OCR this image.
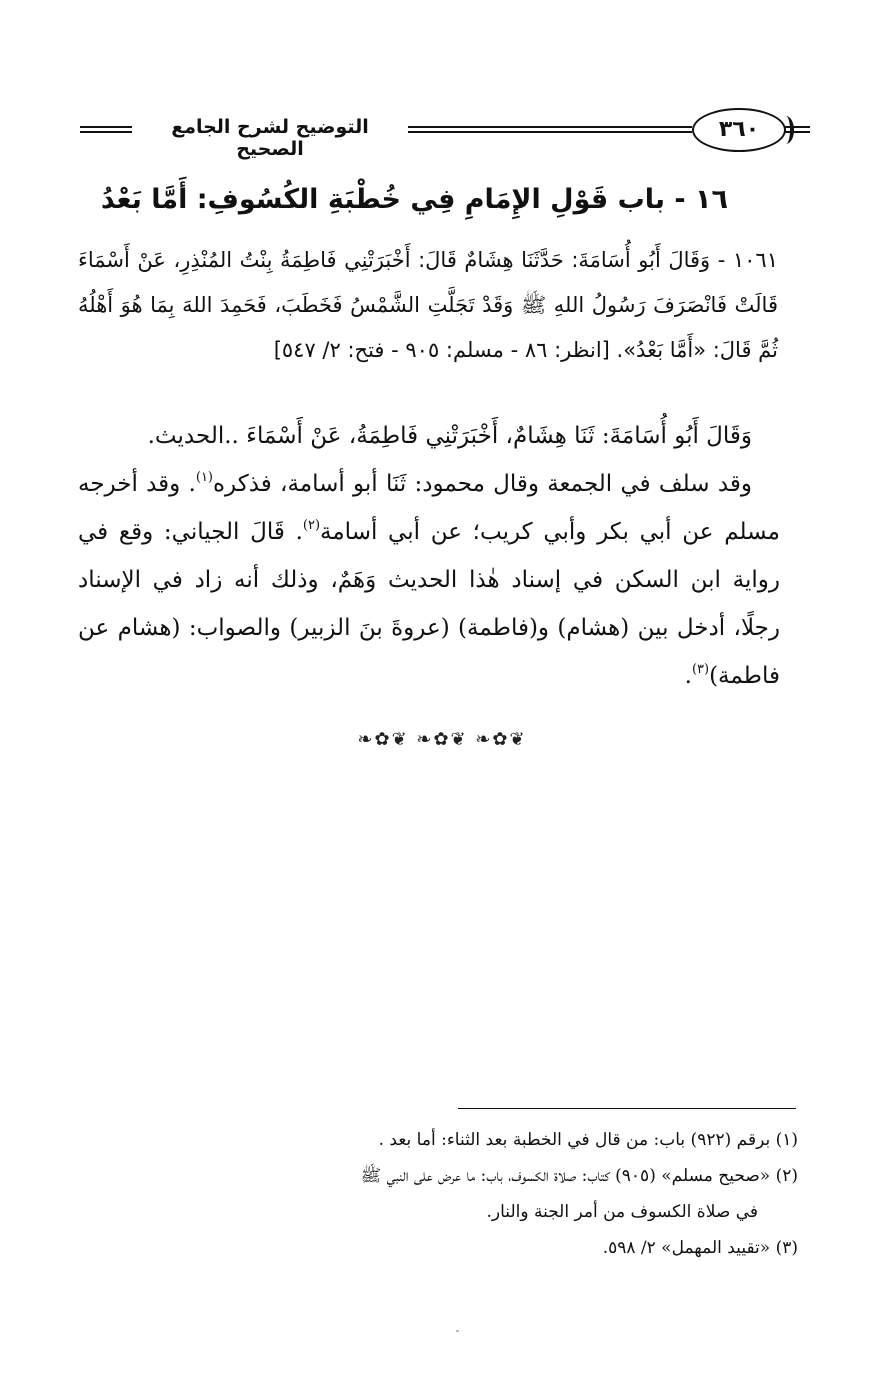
التوضيح لشرح الجامع الصحيح
٣٦٠
١٦ - باب قَوْلِ الإِمَامِ فِي خُطْبَةِ الكُسُوفِ: أَمَّا بَعْدُ
١٠٦١ - وَقَالَ أَبُو أُسَامَةَ: حَدَّثَنَا هِشَامٌ قَالَ: أَخْبَرَتْنِي فَاطِمَةُ بِنْتُ المُنْذِرِ، عَنْ أَسْمَاءَ قَالَتْ فَانْصَرَفَ رَسُولُ اللهِ ﷺ وَقَدْ تَجَلَّتِ الشَّمْسُ فَخَطَبَ، فَحَمِدَ اللهَ بِمَا هُوَ أَهْلُهُ ثُمَّ قَالَ: «أَمَّا بَعْدُ». [انظر: ٨٦ - مسلم: ٩٠٥ - فتح: ٢/ ٥٤٧]

وَقَالَ أَبُو أُسَامَةَ: ثَنَا هِشَامٌ، أَخْبَرَتْنِي فَاطِمَةُ، عَنْ أَسْمَاءَ ..الحديث.

وقد سلف في الجمعة وقال محمود: ثَنَا أبو أسامة، فذكره$^{(١)}$. وقد أخرجه مسلم عن أبي بكر وأبي كريب؛ عن أبي أسامة$^{(٢)}$. قَالَ الجياني: وقع في رواية ابن السكن في إسناد هٰذا الحديث وَهَمٌ، وذلك أنه زاد في الإسناد رجلًا، أدخل بين (هشام) و(فاطمة) (عروةَ بنَ الزبير) والصواب: (هشام عن فاطمة)$^{(٣)}$.

❧✿❦ ❧✿❦ ❧✿❦
(١) برقم (٩٢٢) باب: من قال في الخطبة بعد الثناء: أما بعد .
(٢) «صحيح مسلم» (٩٠٥) كتاب: صلاة الكسوف، باب: ما عرض على النبي ﷺ
في صلاة الكسوف من أمر الجنة والنار.
(٣) «تقييد المهمل» ٢/ ٥٩٨.
